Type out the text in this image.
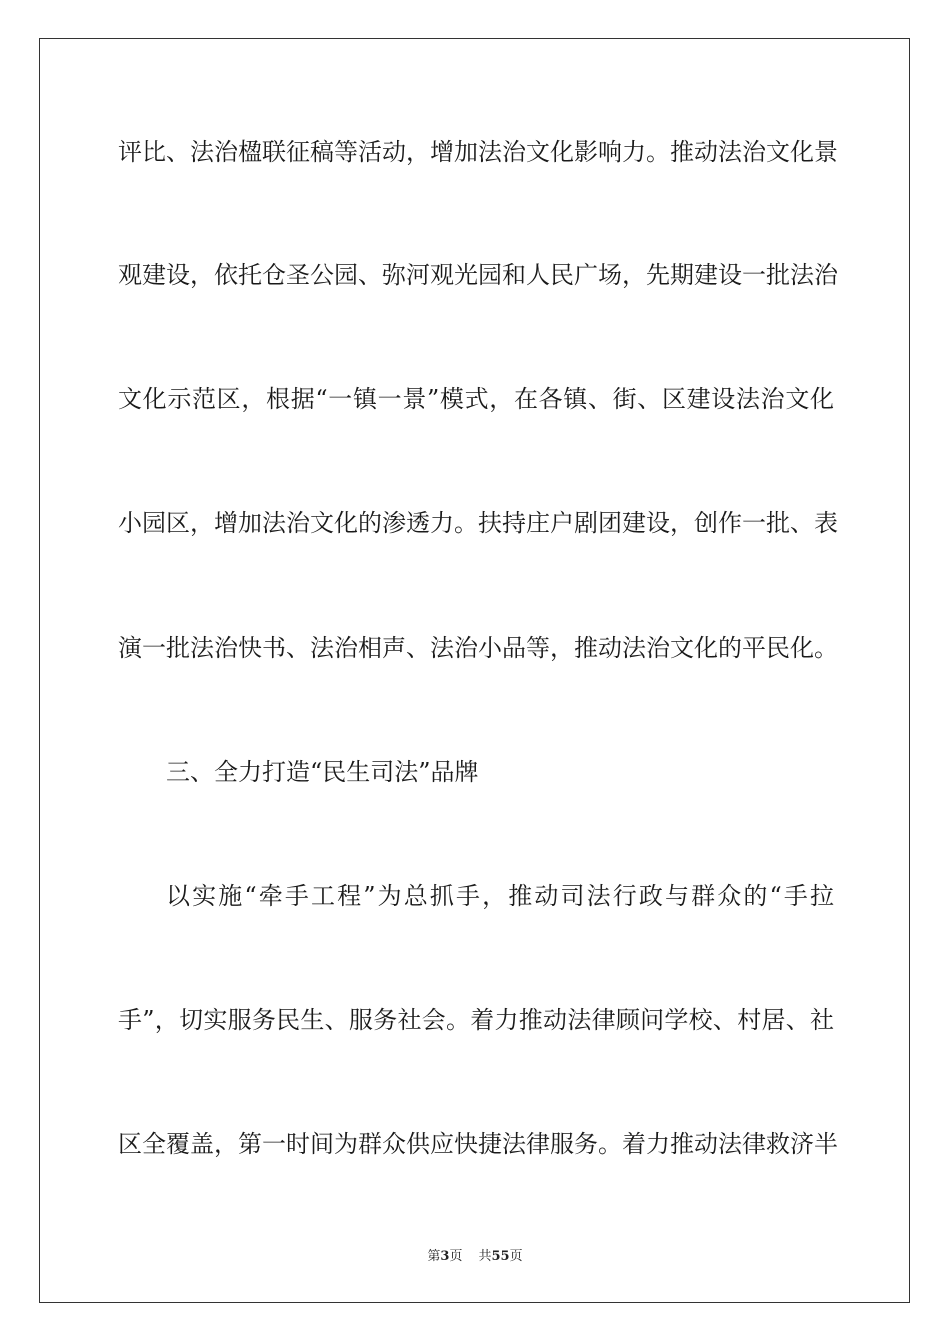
评比、法治楹联征稿等活动，增加法治文化影响力。推动法治文化景
观建设，依托仓圣公园、弥河观光园和人民广场，先期建设一批法治
文化示范区，根据“一镇一景”模式，在各镇、街、区建设法治文化
小园区，增加法治文化的渗透力。扶持庄户剧团建设，创作一批、表
演一批法治快书、法治相声、法治小品等，推动法治文化的平民化。
三、全力打造“民生司法”品牌
以实施“牵手工程”为总抓手，推动司法行政与群众的“手拉
手”，切实服务民生、服务社会。着力推动法律顾问学校、村居、社
区全覆盖，第一时间为群众供应快捷法律服务。着力推动法律救济半
第3页 共55页
